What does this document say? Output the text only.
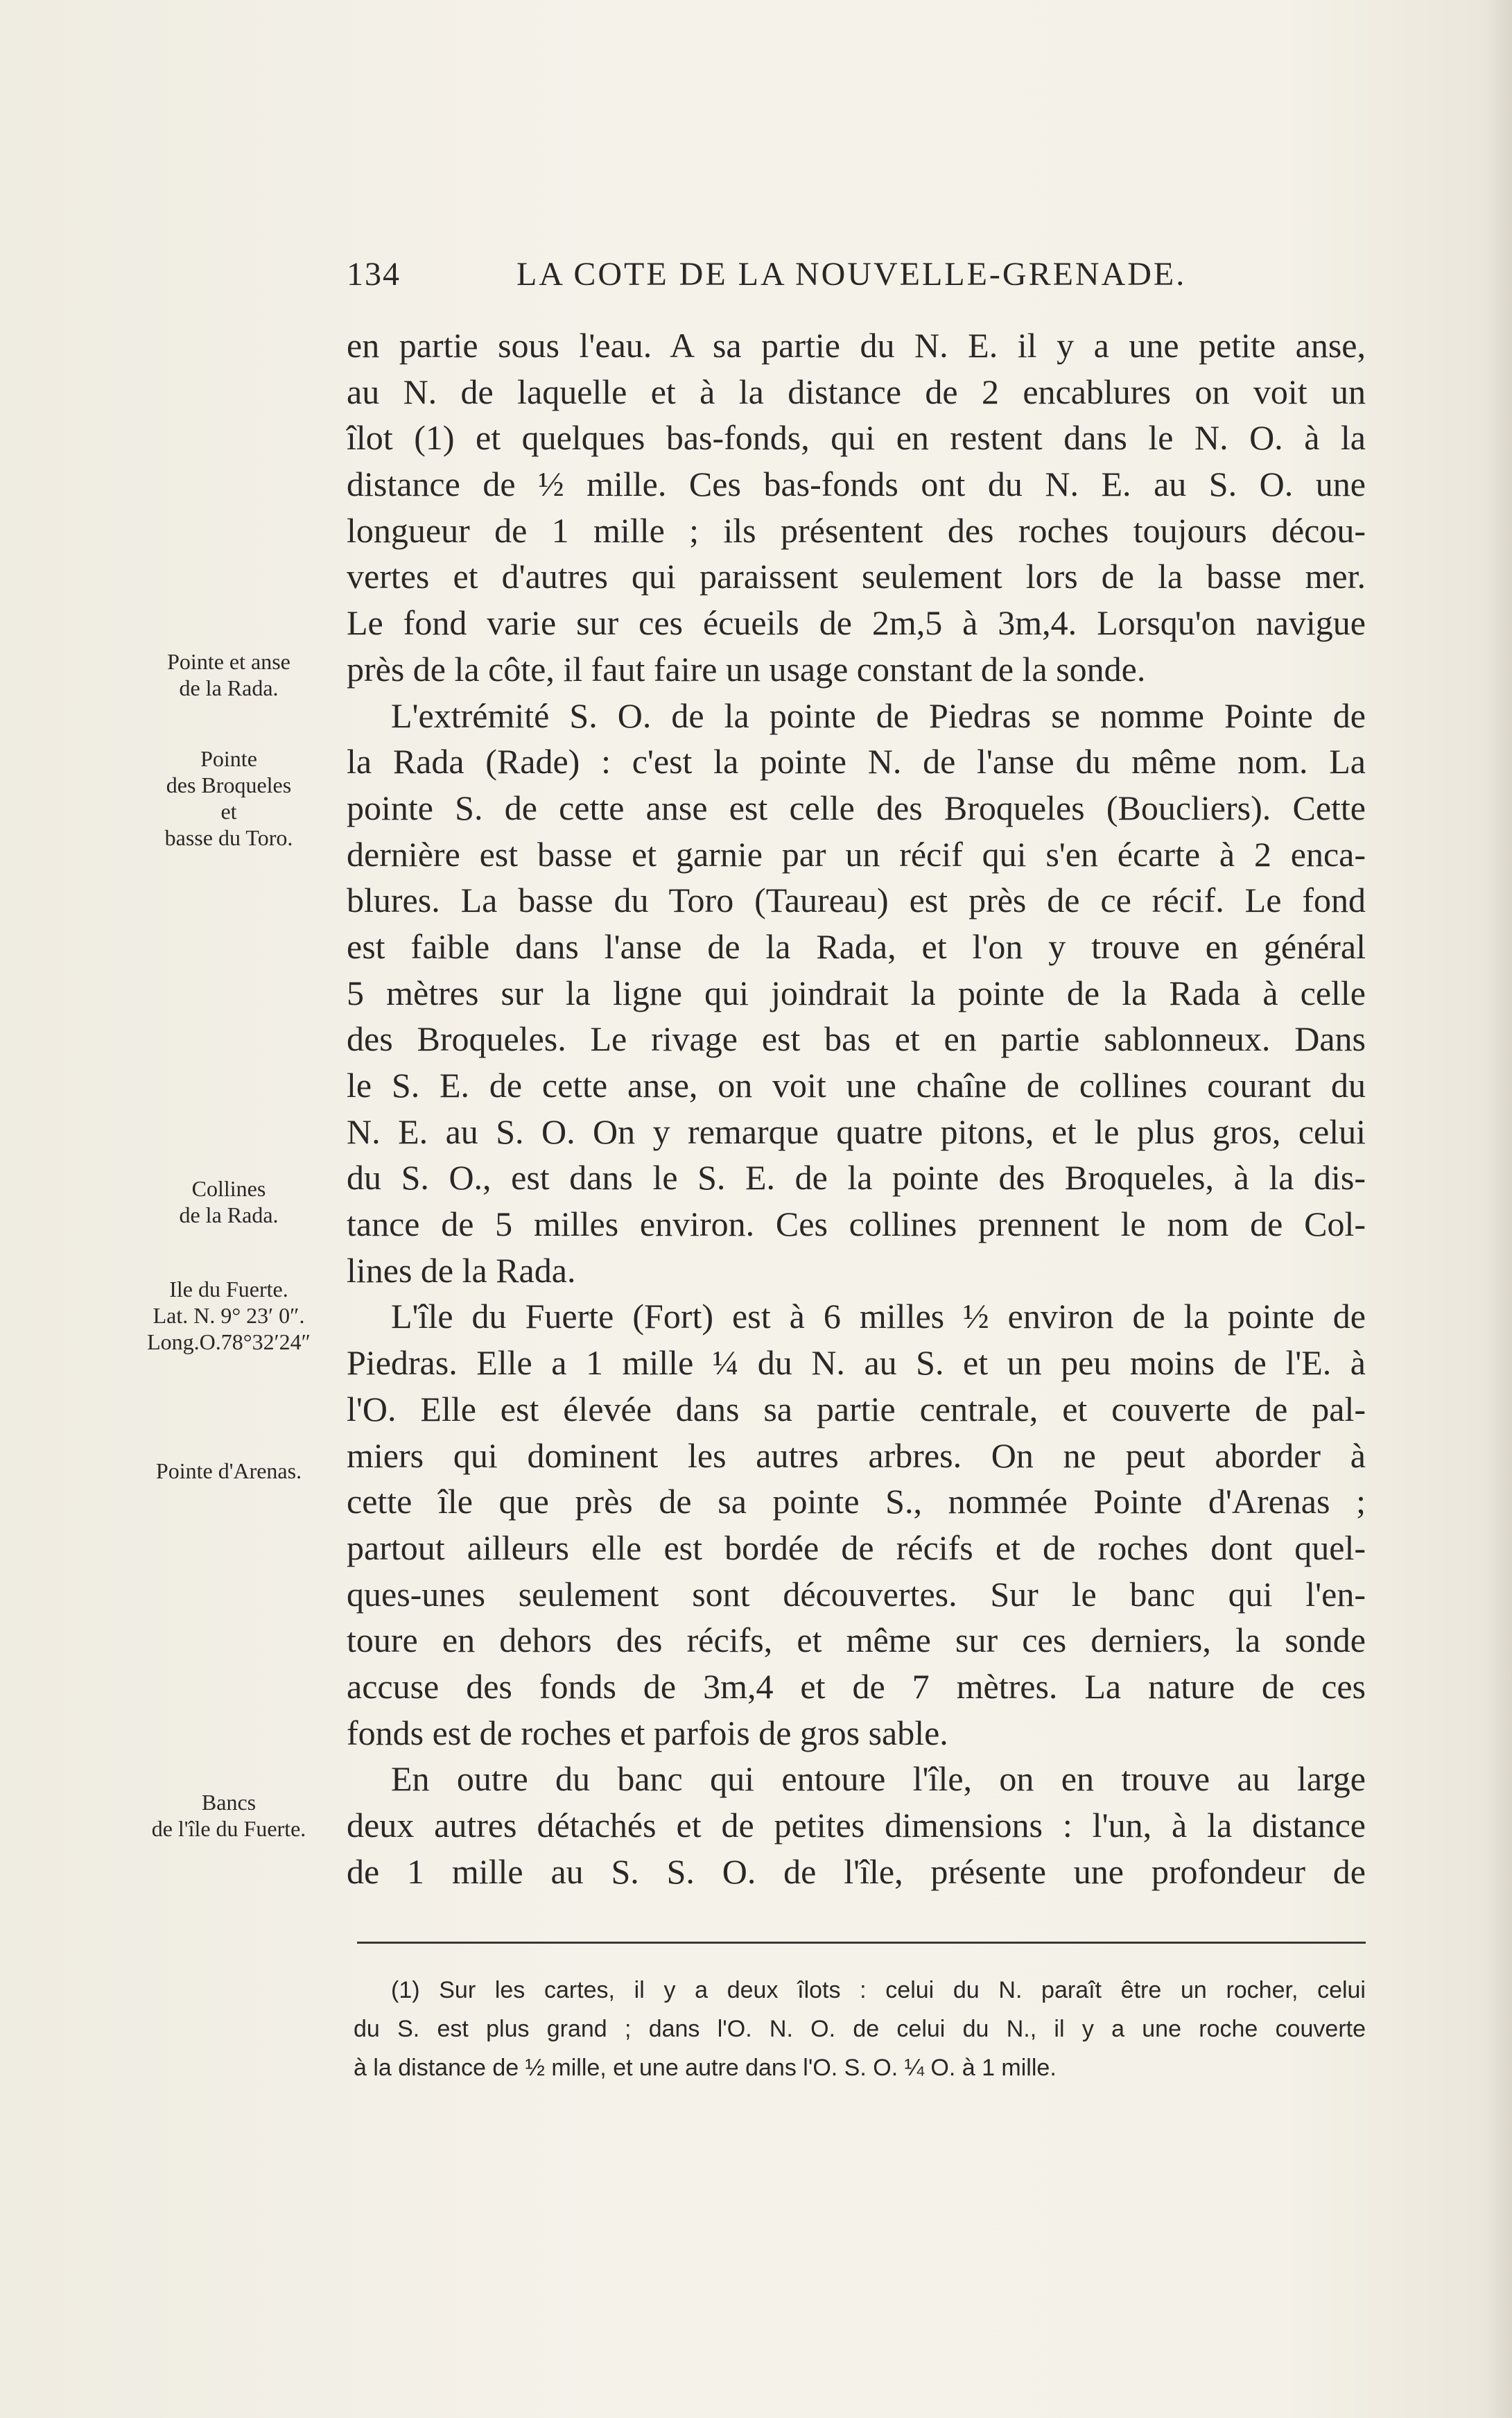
134	LA COTE DE LA NOUVELLE-GRENADE.
Pointe et anse
de la Rada.
Pointe
des Broqueles
et
basse du Toro.
Collines
de la Rada.
Ile du Fuerte.
Lat. N. 9° 23′ 0″.
Long.O.78°32′24″
Pointe d'Arenas.
Bancs
de l'île du Fuerte.
en partie sous l'eau. A sa partie du N. E. il y a une petite anse,
au N. de laquelle et à la distance de 2 encablures on voit un
îlot (1) et quelques bas-fonds, qui en restent dans le N. O. à la
distance de ½ mille. Ces bas-fonds ont du N. E. au S. O. une
longueur de 1 mille ; ils présentent des roches toujours décou-
vertes et d'autres qui paraissent seulement lors de la basse mer.
Le fond varie sur ces écueils de 2m,5 à 3m,4. Lorsqu'on navigue
près de la côte, il faut faire un usage constant de la sonde.
L'extrémité S. O. de la pointe de Piedras se nomme Pointe de
la Rada (Rade) : c'est la pointe N. de l'anse du même nom. La
pointe S. de cette anse est celle des Broqueles (Boucliers). Cette
dernière est basse et garnie par un récif qui s'en écarte à 2 enca-
blures. La basse du Toro (Taureau) est près de ce récif. Le fond
est faible dans l'anse de la Rada, et l'on y trouve en général
5 mètres sur la ligne qui joindrait la pointe de la Rada à celle
des Broqueles. Le rivage est bas et en partie sablonneux. Dans
le S. E. de cette anse, on voit une chaîne de collines courant du
N. E. au S. O. On y remarque quatre pitons, et le plus gros, celui
du S. O., est dans le S. E. de la pointe des Broqueles, à la dis-
tance de 5 milles environ. Ces collines prennent le nom de Col-
lines de la Rada.
L'île du Fuerte (Fort) est à 6 milles ½ environ de la pointe de
Piedras. Elle a 1 mille ¼ du N. au S. et un peu moins de l'E. à
l'O. Elle est élevée dans sa partie centrale, et couverte de pal-
miers qui dominent les autres arbres. On ne peut aborder à
cette île que près de sa pointe S., nommée Pointe d'Arenas ;
partout ailleurs elle est bordée de récifs et de roches dont quel-
ques-unes seulement sont découvertes. Sur le banc qui l'en-
toure en dehors des récifs, et même sur ces derniers, la sonde
accuse des fonds de 3m,4 et de 7 mètres. La nature de ces
fonds est de roches et parfois de gros sable.
En outre du banc qui entoure l'île, on en trouve au large
deux autres détachés et de petites dimensions : l'un, à la distance
de 1 mille au S. S. O. de l'île, présente une profondeur de
(1) Sur les cartes, il y a deux îlots : celui du N. paraît être un rocher, celui
du S. est plus grand ; dans l'O. N. O. de celui du N., il y a une roche couverte
à la distance de ½ mille, et une autre dans l'O. S. O. ¼ O. à 1 mille.
